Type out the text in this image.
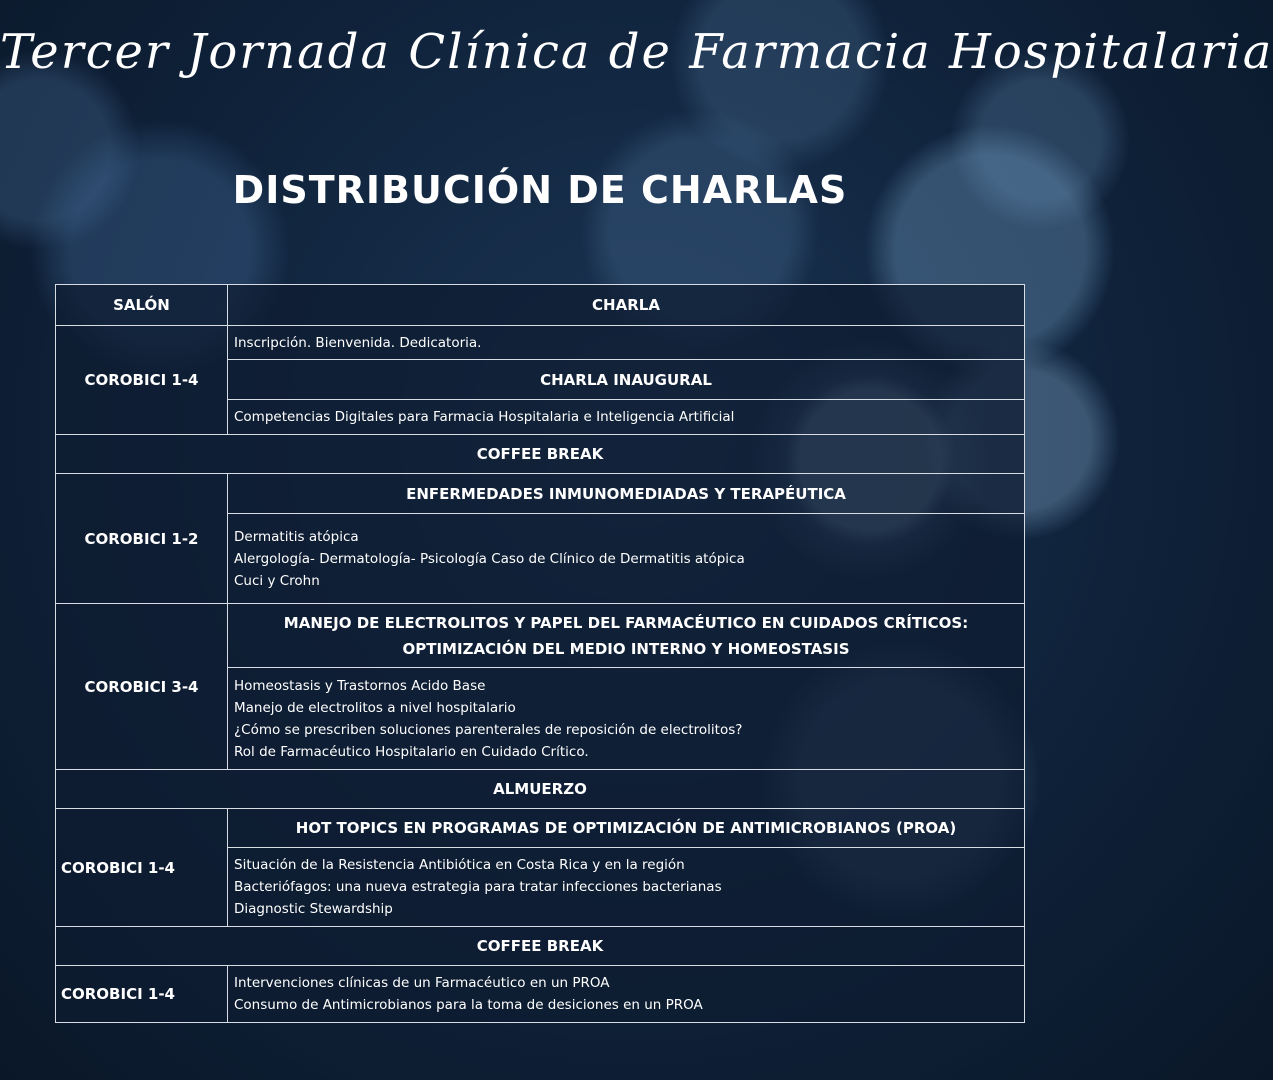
Tercer Jornada Clínica de Farmacia Hospitalaria
DISTRIBUCIÓN DE CHARLAS
SALÓN	CHARLA
COROBICI 1-4	Inscripción. Bienvenida. Dedicatoria.
	CHARLA INAUGURAL
	Competencias Digitales para Farmacia Hospitalaria e Inteligencia Artificial
COFFEE BREAK	
COROBICI 1-2	ENFERMEDADES INMUNOMEDIADAS Y TERAPÉUTICA

	Dermatitis atópica
Alergología- Dermatología- Psicología Caso de Clínico de Dermatitis atópica
Cuci y Crohn

COROBICI 3-4	MANEJO DE ELECTROLITOS Y PAPEL DEL FARMACÉUTICO EN CUIDADOS CRÍTICOS:
OPTIMIZACIÓN DEL MEDIO INTERNO Y HOMEOSTASIS

	Homeostasis y Trastornos Acido Base
Manejo de electrolitos a nivel hospitalario
¿Cómo se prescriben soluciones parenterales de reposición de electrolitos?
Rol de Farmacéutico Hospitalario en Cuidado Crítico.

ALMUERZO	
COROBICI 1-4	HOT TOPICS EN PROGRAMAS DE OPTIMIZACIÓN DE ANTIMICROBIANOS (PROA)

	Situación de la Resistencia Antibiótica en Costa Rica y en la región
Bacteriófagos: una nueva estrategia para tratar infecciones bacterianas
Diagnostic Stewardship

COFFEE BREAK	
COROBICI 1-4	Intervenciones clínicas de un Farmacéutico en un PROA
Consumo de Antimicrobianos para la toma de desiciones en un PROA
